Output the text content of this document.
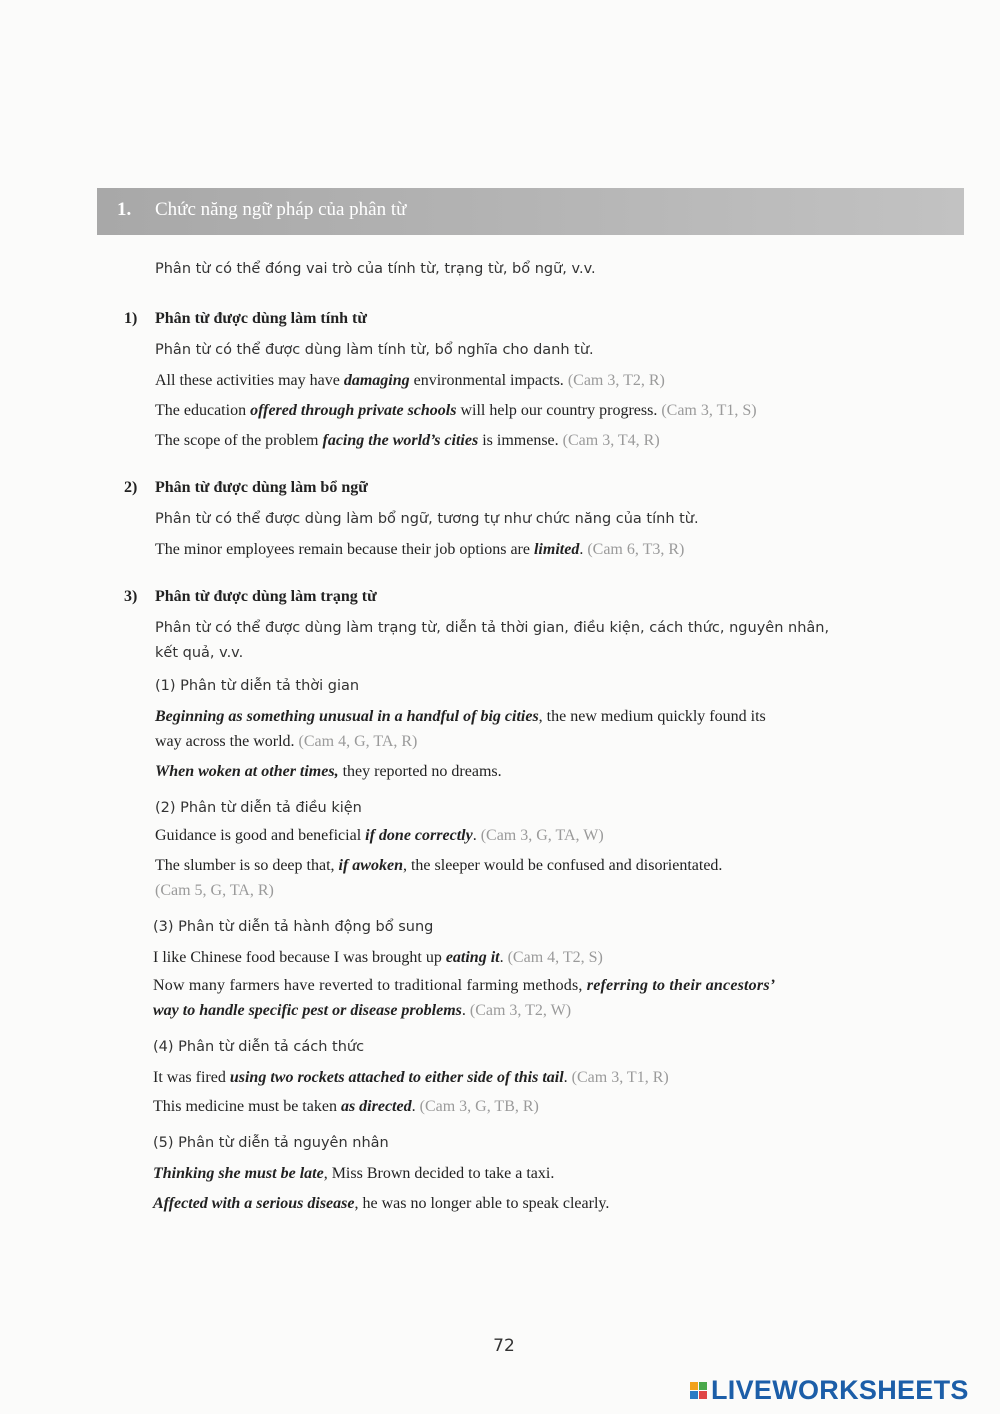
1. Chức năng ngữ pháp của phân từ
Phân từ có thể đóng vai trò của tính từ, trạng từ, bổ ngữ, v.v.
1) Phân từ được dùng làm tính từ
Phân từ có thể được dùng làm tính từ, bổ nghĩa cho danh từ.
All these activities may have damaging environmental impacts. (Cam 3, T2, R)
The education offered through private schools will help our country progress. (Cam 3, T1, S)
The scope of the problem facing the world’s cities is immense. (Cam 3, T4, R)
2) Phân từ được dùng làm bổ ngữ
Phân từ có thể được dùng làm bổ ngữ, tương tự như chức năng của tính từ.
The minor employees remain because their job options are limited. (Cam 6, T3, R)
3) Phân từ được dùng làm trạng từ
Phân từ có thể được dùng làm trạng từ, diễn tả thời gian, điều kiện, cách thức, nguyên nhân,
kết quả, v.v.
(1) Phân từ diễn tả thời gian
Beginning as something unusual in a handful of big cities, the new medium quickly found its
way across the world. (Cam 4, G, TA, R)
When woken at other times, they reported no dreams.
(2) Phân từ diễn tả điều kiện
Guidance is good and beneficial if done correctly. (Cam 3, G, TA, W)
The slumber is so deep that, if awoken, the sleeper would be confused and disorientated.
(Cam 5, G, TA, R)
(3) Phân từ diễn tả hành động bổ sung
I like Chinese food because I was brought up eating it. (Cam 4, T2, S)
Now many farmers have reverted to traditional farming methods, referring to their ancestors’
way to handle specific pest or disease problems. (Cam 3, T2, W)
(4) Phân từ diễn tả cách thức
It was fired using two rockets attached to either side of this tail. (Cam 3, T1, R)
This medicine must be taken as directed. (Cam 3, G, TB, R)
(5) Phân từ diễn tả nguyên nhân
Thinking she must be late, Miss Brown decided to take a taxi.
Affected with a serious disease, he was no longer able to speak clearly.
72
LIVEWORKSHEETS
